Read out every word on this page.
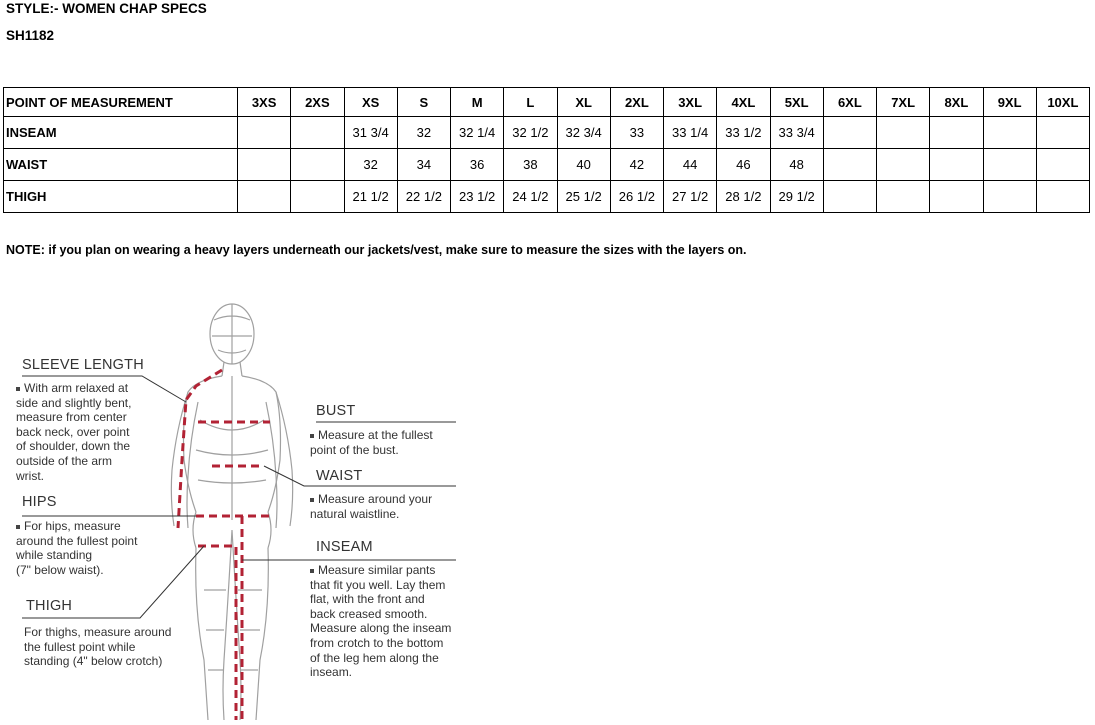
STYLE:- WOMEN CHAP SPECS
SH1182
POINT OF MEASUREMENT	3XS	2XS	XS	S	M	L	XL	2XL	3XL	4XL	5XL	6XL	7XL	8XL	9XL	10XL
INSEAM			31 3/4	32	32 1/4	32 1/2	32 3/4	33	33 1/4	33 1/2	33 3/4					
WAIST			32	34	36	38	40	42	44	46	48					
THIGH			21 1/2	22 1/2	23 1/2	24 1/2	25 1/2	26 1/2	27 1/2	28 1/2	29 1/2					
NOTE: if you plan on wearing a heavy layers underneath our jackets/vest, make sure to measure the sizes with the layers on.
SLEEVE LENGTH
With arm relaxed at
side and slightly bent,
measure from center
back neck, over point
of shoulder, down the
outside of the arm
wrist.
HIPS
For hips, measure
around the fullest point
while standing
(7" below waist).
THIGH
For thighs, measure around
the fullest point while
standing (4" below crotch)
BUST
Measure at the fullest
point of the bust.
WAIST
Measure around your
natural waistline.
INSEAM
Measure similar pants
that fit you well. Lay them
flat, with the front and
back creased smooth.
Measure along the inseam
from crotch to the bottom
of the leg hem along the
inseam.
